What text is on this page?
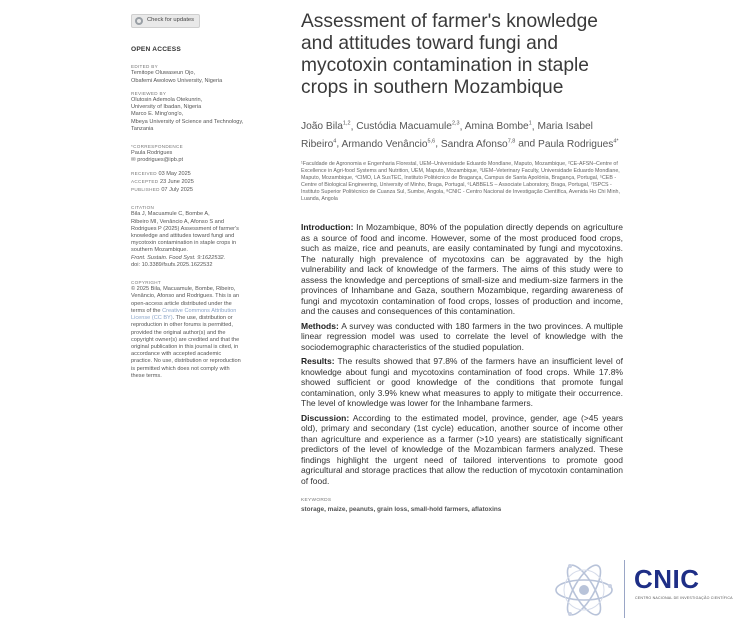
Check for updates
OPEN ACCESS
EDITED BY
Temitope Oluwaseun Ojo,
Obafemi Awolowo University, Nigeria
REVIEWED BY
Olutosin Ademola Otekunrin,
University of Ibadan, Nigeria
Marco E. Ming'ong'o,
Mbeya University of Science and Technology,
Tanzania
*CORRESPONDENCE
Paula Rodrigues
✉ prodrigues@ipb.pt
RECEIVED 03 May 2025
ACCEPTED 23 June 2025
PUBLISHED 07 July 2025
CITATION
Bila J, Macuamule C, Bombe A,
Ribeiro MI, Venâncio A, Afonso S and
Rodrigues P (2025) Assessment of farmer's
knowledge and attitudes toward fungi and
mycotoxin contamination in staple crops in
southern Mozambique.
Front. Sustain. Food Syst. 9:1622532.
doi: 10.3389/fsufs.2025.1622532
COPYRIGHT
© 2025 Bila, Macuamule, Bombe, Ribeiro,
Venâncio, Afonso and Rodrigues. This is an
open-access article distributed under the
terms of the Creative Commons Attribution
License (CC BY). The use, distribution or
reproduction in other forums is permitted,
provided the original author(s) and the
copyright owner(s) are credited and that the
original publication in this journal is cited, in
accordance with accepted academic
practice. No use, distribution or reproduction
is permitted which does not comply with
these terms.
Assessment of farmer's knowledge and attitudes toward fungi and mycotoxin contamination in staple crops in southern Mozambique
João Bila$^{1,2}$, Custódia Macuamule$^{2,3}$, Amina Bombe$^1$, Maria Isabel Ribeiro$^4$, Armando Venâncio$^{5,6}$, Sandra Afonso$^{7,8}$ and Paula Rodrigues$^{4*}$
¹Faculdade de Agronomia e Engenharia Florestal, UEM–Universidade Eduardo Mondlane, Maputo, Mozambique, ²CE-AFSN–Centre of Excellence in Agri-food Systems and Nutrition, UEM, Maputo, Mozambique, ³UEM–Veterinary Faculty, Universidade Eduardo Mondlane, Maputo, Mozambique, ⁴CIMO, LA SusTEC, Instituto Politécnico de Bragança, Campus de Santa Apolónia, Bragança, Portugal, ⁵CEB - Centre of Biological Engineering, University of Minho, Braga, Portugal, ⁶LABBELS – Associate Laboratory, Braga, Portugal, ⁷ISPCS - Instituto Superior Politécnico de Cuanza Sul, Sumbe, Angola, ⁸CNIC - Centro Nacional de Investigação Científica, Avenida Ho Chi Minh, Luanda, Angola

Introduction: In Mozambique, 80% of the population directly depends on agriculture as a source of food and income. However, some of the most produced food crops, such as maize, rice and peanuts, are easily contaminated by fungi and mycotoxins. The naturally high prevalence of mycotoxins can be aggravated by the high vulnerability and lack of knowledge of the farmers. The aims of this study were to assess the knowledge and perceptions of small-size and medium-size farmers in the provinces of Inhambane and Gaza, southern Mozambique, regarding awareness of fungi and mycotoxin contamination of food crops, losses of production and income, and the causes and consequences of this contamination.

Methods: A survey was conducted with 180 farmers in the two provinces. A multiple linear regression model was used to correlate the level of knowledge with the sociodemographic characteristics of the studied population.

Results: The results showed that 97.8% of the farmers have an insufficient level of knowledge about fungi and mycotoxins contamination of food crops. While 17.8% showed sufficient or good knowledge of the conditions that promote fungal contamination, only 3.9% knew what measures to apply to mitigate their occurrence. The level of knowledge was lower for the Inhambane farmers.

Discussion: According to the estimated model, province, gender, age (>45 years old), primary and secondary (1st cycle) education, another source of income other than agriculture and experience as a farmer (>10 years) are statistically significant predictors of the level of knowledge of the Mozambican farmers analyzed. These findings highlight the urgent need of tailored interventions to promote good agricultural and storage practices that allow the reduction of mycotoxin contamination of food.

KEYWORDS
storage, maize, peanuts, grain loss, small-hold farmers, aflatoxins
CNIC
CENTRO NACIONAL DE INVESTIGAÇÃO CIENTÍFICA
